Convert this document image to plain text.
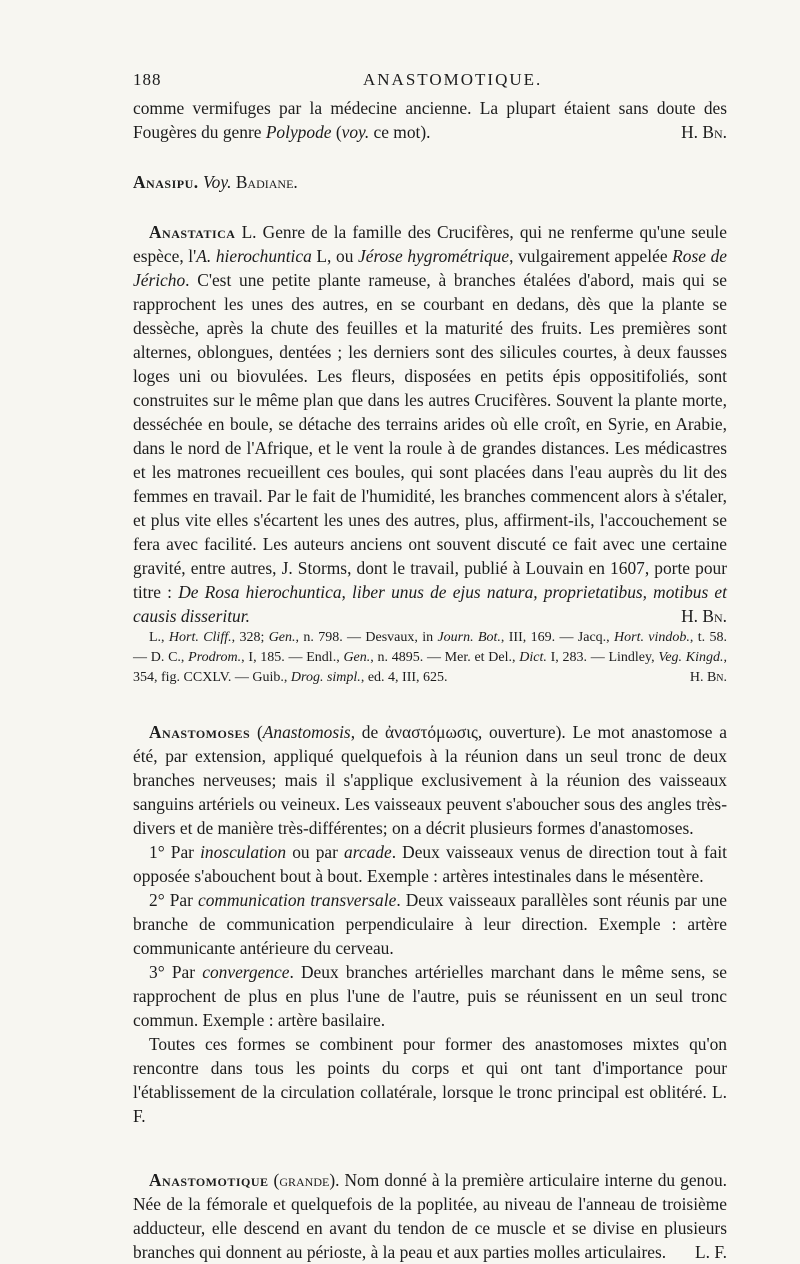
188	ANASTOMOTIQUE.

comme vermifuges par la médecine ancienne. La plupart étaient sans doute des Fougères du genre Polypode (voy. ce mot).	H. Bn.

Anasipu. Voy. Badiane.

Anastatica L. Genre de la famille des Crucifères, qui ne renferme qu'une seule espèce, l'A. hierochuntica L, ou Jérose hygrométrique, vulgairement appelée Rose de Jéricho. C'est une petite plante rameuse, à branches étalées d'abord, mais qui se rapprochent les unes des autres, en se courbant en dedans, dès que la plante se dessèche, après la chute des feuilles et la maturité des fruits. Les premières sont alternes, oblongues, dentées ; les derniers sont des silicules courtes, à deux fausses loges uni ou biovulées. Les fleurs, disposées en petits épis oppositifoliés, sont construites sur le même plan que dans les autres Crucifères. Souvent la plante morte, desséchée en boule, se détache des terrains arides où elle croît, en Syrie, en Arabie, dans le nord de l'Afrique, et le vent la roule à de grandes distances. Les médicastres et les matrones recueillent ces boules, qui sont placées dans l'eau auprès du lit des femmes en travail. Par le fait de l'humidité, les branches commencent alors à s'étaler, et plus vite elles s'écartent les unes des autres, plus, affirment-ils, l'accouchement se fera avec facilité. Les auteurs anciens ont souvent discuté ce fait avec une certaine gravité, entre autres, J. Storms, dont le travail, publié à Louvain en 1607, porte pour titre : De Rosa hierochuntica, liber unus de ejus natura, proprietatibus, motibus et causis disseritur.	H. Bn.

L., Hort. Cliff., 328; Gen., n. 798. — Desvaux, in Journ. Bot., III, 169. — Jacq., Hort. vindob., t. 58. — D. C., Prodrom., I, 185. — Endl., Gen., n. 4895. — Mer. et Del., Dict. I, 283. — Lindley, Veg. Kingd., 354, fig. CCXLV. — Guib., Drog. simpl., ed. 4, III, 625.	H. Bn.

Anastomoses (Anastomosis, de ἀναστόμωσις, ouverture). Le mot anastomose a été, par extension, appliqué quelquefois à la réunion dans un seul tronc de deux branches nerveuses; mais il s'applique exclusivement à la réunion des vaisseaux sanguins artériels ou veineux. Les vaisseaux peuvent s'aboucher sous des angles très-divers et de manière très-différentes; on a décrit plusieurs formes d'anastomoses.

1° Par inosculation ou par arcade. Deux vaisseaux venus de direction tout à fait opposée s'abouchent bout à bout. Exemple : artères intestinales dans le mésentère.

2° Par communication transversale. Deux vaisseaux parallèles sont réunis par une branche de communication perpendiculaire à leur direction. Exemple : artère communicante antérieure du cerveau.

3° Par convergence. Deux branches artérielles marchant dans le même sens, se rapprochent de plus en plus l'une de l'autre, puis se réunissent en un seul tronc commun. Exemple : artère basilaire.

Toutes ces formes se combinent pour former des anastomoses mixtes qu'on rencontre dans tous les points du corps et qui ont tant d'importance pour l'établissement de la circulation collatérale, lorsque le tronc principal est oblitéré. L. F.

Anastomotique (grande). Nom donné à la première articulaire interne du genou. Née de la fémorale et quelquefois de la poplitée, au niveau de l'anneau de troisième adducteur, elle descend en avant du tendon de ce muscle et se divise en plusieurs branches qui donnent au périoste, à la peau et aux parties molles articulaires.	L. F.
